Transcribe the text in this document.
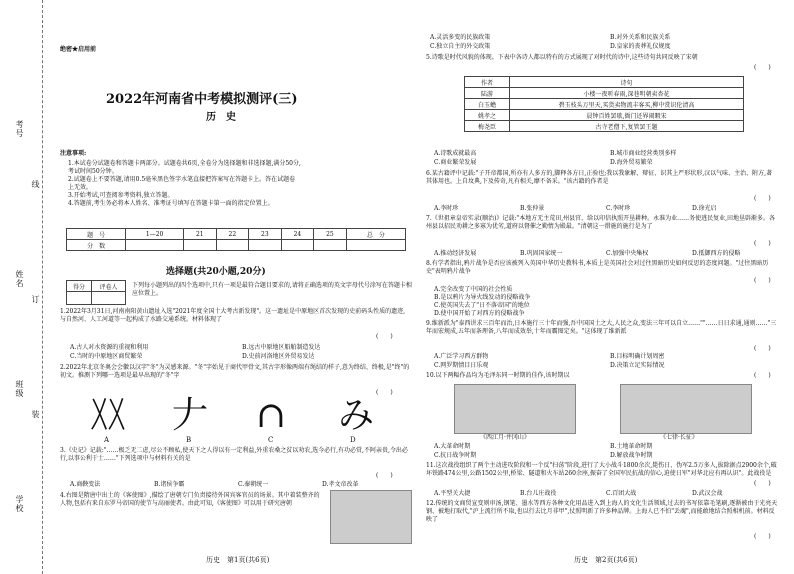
考号
姓名
班级
学校
线
订
装
绝密★启用前
2022年河南省中考模拟测评(三)
历　史
注意事项:
1.本试卷分试题卷和答题卡两部分。试题卷共6页,全卷分为选择题和非选择题,满分50分,
考试时间50分钟。
2.试题卷上不要答题,请用0.5毫米黑色签字水笔直接把答案写在答题卡上。答在试题卷
上无效。
3.开始考试,可查阅参考资料,独立答题。
4.答题前,考生务必将本人姓名、准考证号填写在答题卡第一面的指定位置上。
题　号	1—20	21	22	23	24	25	总　分
分　数							
选择题(共20小题,20分)
得分	评卷人
	下列每小题列出的四个选项中,只有一项是最符合题目要求的,请将正确选项的英文字母代号涂写在答题卡相应位置上。
1.2022年3月31日,河南南阳黄山遗址入选"2021年度全国十大考古新发现"。这一遗址是中原地区首次发现的史前码头性质的遗迹,与自然河、人工河道等一起构成了水路交通系统。材料体现了
(　　)
A.古人对水资源的重视和利用	B.远古中原地区船舶制造发达
C.当时的中原地区商贸繁荣	D.史前河洛地区外贸易发达
2.2022年北京冬奥会会徽以汉字"冬"为灵感来源。"冬"字始见于商代甲骨文,其古字形像两端有绳结的样子,意为终结、终极,是"终"的初文。推测下列哪一选项是最早出现的"冬"字
(　　)
〷 𠂇 ∩ み
A	B	C	D
3.《史记》记载:"……极乏无二虑,尽公不顾私,使天下之人得以有一定利益,外重农桑之贫以劝农,选今必行,有功必赏,不阿亲贵,令出必行,以事公利于士……"下列选项中与材料有关的是
(　　)
A.商鞅变法	B.诸侯争霸	C.秦朝统一	D.孝文帝改革
4.右图是隋唐中出土的《客使图》,描绘了唐朝专门负责接待外国宾客官员的场景。其中着装整齐的人物,包括有来自东罗马帝国的使节与高丽使者。由此可知,《客使图》可以用于研究唐朝
历史　第1页(共6页)
A.灵活多变的民族政策	B.对外关系和民族关系
C.独立自主的外交政策	D.皇家的丧葬礼仪规度
5.诗歌是时代风貌的体现。下表中各诗人都以特有的方式展现了对时代的诗中,这些诗句共同反映了宋朝
(　　)
作者	诗句
陆游	小楼一夜听春雨,深巷明朝卖杏花
白玉蟾	碧玉枝头万里天,买货卖物流丰客买,柳中赏识伦清高
姚孝之	晨钟百姓罢歇,衙门还界闹暇宋
梅尧臣	古寺老僧下,复管罢王题
A.诗歌成就最高	B.城市商业经营类别多样
C.商业繁荣发展	D.海外贸易繁荣
6.某古籍评中记载:"子开帝都国,所亦有人多方的,脚释各方日,正验也;我以我象解、辩征、识其上严形状形,汉以气味、主治、附方,著其体用也。上自坟典,下及传奇,凡有相关,靡不备采。"该古籍的作者是
(　　)
A.李时珍	B.张仲景	C.李时珍	D.徐光启
7.《世祖章皇帝实录(顺治)》记载:"本地方无主荒田,州县官、给以印信执照开垦耕种。永准为业……务使逃民复业,田地垦辟渐多。各州县以招民劝耕之多寡为优劣,道府以督催之勤惰为殿最。"清朝这一措施的施行是为了
(　　)
A.推动经济发展	B.巩固国家统一	C.加强中央集权	D.抵御西方的侵略
8.有学者指出,鸦片战争是否应该被列入英国中华历史教科书,本质上是英国社会对过往黑暗历史如何反思的态度问题。"过往黑暗历史"表明鸦片战争
(　　)
A.完全改变了中国的社会性质
B.是以鸦片为导火线发动的侵略战争
C.使英国失去了"日不落帝国"的地位
D.使中国开始了对西方的侵略战争
9.维新派为"泰西讲求三百年而治,日本施行三十年而强,吾中国国土之大,人民之众,变法三年可以自立……""……日日求通,通则……"三年而宏规成,五年而条理备,八年而成效举,十年而霸图定矣。"这体现了维新派
(　　)
A.广泛学习西方群物	B.目标明确计划周密
C.网罗期情目日乐观	D.决策立足实际情况
10.以下两幅作品均为毛泽东同一时期的佳作,该时期以	(　　)
《西江月·井冈山》	《七律·长征》
A.大革命时期	B.土地革命时期
C.抗日战争时期	D.解放战争时期
11.这次战役组织了两个主动进攻阶段和一个反"扫荡"阶段,进行了大小战斗1800余次,毙伤日、伪军2.5万多人,拔除据点2900余个,破坏铁路474公里,公路1502公里,桥梁、隧道和火车站260余座,振奋了全国军民抗战的信心,迫使日军"对华北应有再认识"。此战役是
(　　)
A.平型关大捷	B.台儿庄战役	C.百团大战	D.武汉会战
12.传统的文商贸宣变则审汤,钢笔、墨水等西方各种文化用品进入到上海人的文化生活领域,过去的书写依靠毛笔刷,逐渐被由于光亮天钢、被地打取代,"沪上流行所不取,也以行去比月非甲",仗照明新了许多种品牌。上海人已不怕"丢魂",而能敢地结合照相机前。材料反映了
(　　)
历史　第2页(共6页)
